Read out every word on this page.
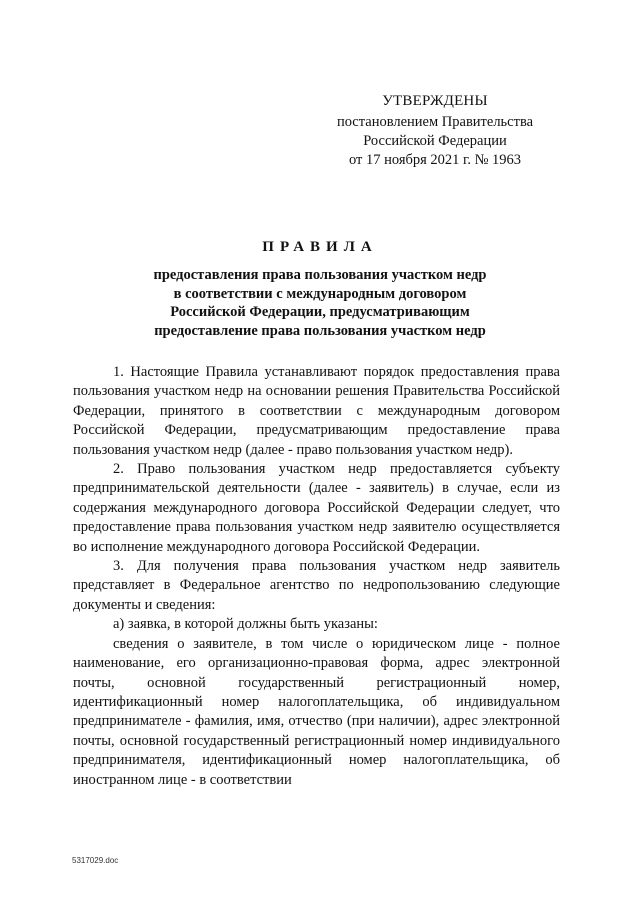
УТВЕРЖДЕНЫ
постановлением Правительства
Российской Федерации
от 17 ноября 2021 г. № 1963
ПРАВИЛА
предоставления права пользования участком недр
в соответствии с международным договором
Российской Федерации, предусматривающим
предоставление права пользования участком недр

1. Настоящие Правила устанавливают порядок предоставления права пользования участком недр на основании решения Правительства Российской Федерации, принятого в соответствии с международным договором Российской Федерации, предусматривающим предоставление права пользования участком недр (далее - право пользования участком недр).

2. Право пользования участком недр предоставляется субъекту предпринимательской деятельности (далее - заявитель) в случае, если из содержания международного договора Российской Федерации следует, что предоставление права пользования участком недр заявителю осуществляется во исполнение международного договора Российской Федерации.

3. Для получения права пользования участком недр заявитель представляет в Федеральное агентство по недропользованию следующие документы и сведения:

а) заявка, в которой должны быть указаны:

сведения о заявителе, в том числе о юридическом лице - полное наименование, его организационно-правовая форма, адрес электронной почты, основной государственный регистрационный номер, идентификационный номер налогоплательщика, об индивидуальном предпринимателе - фамилия, имя, отчество (при наличии), адрес электронной почты, основной государственный регистрационный номер индивидуального предпринимателя, идентификационный номер налогоплательщика, об иностранном лице - в соответствии

5317029.doc
